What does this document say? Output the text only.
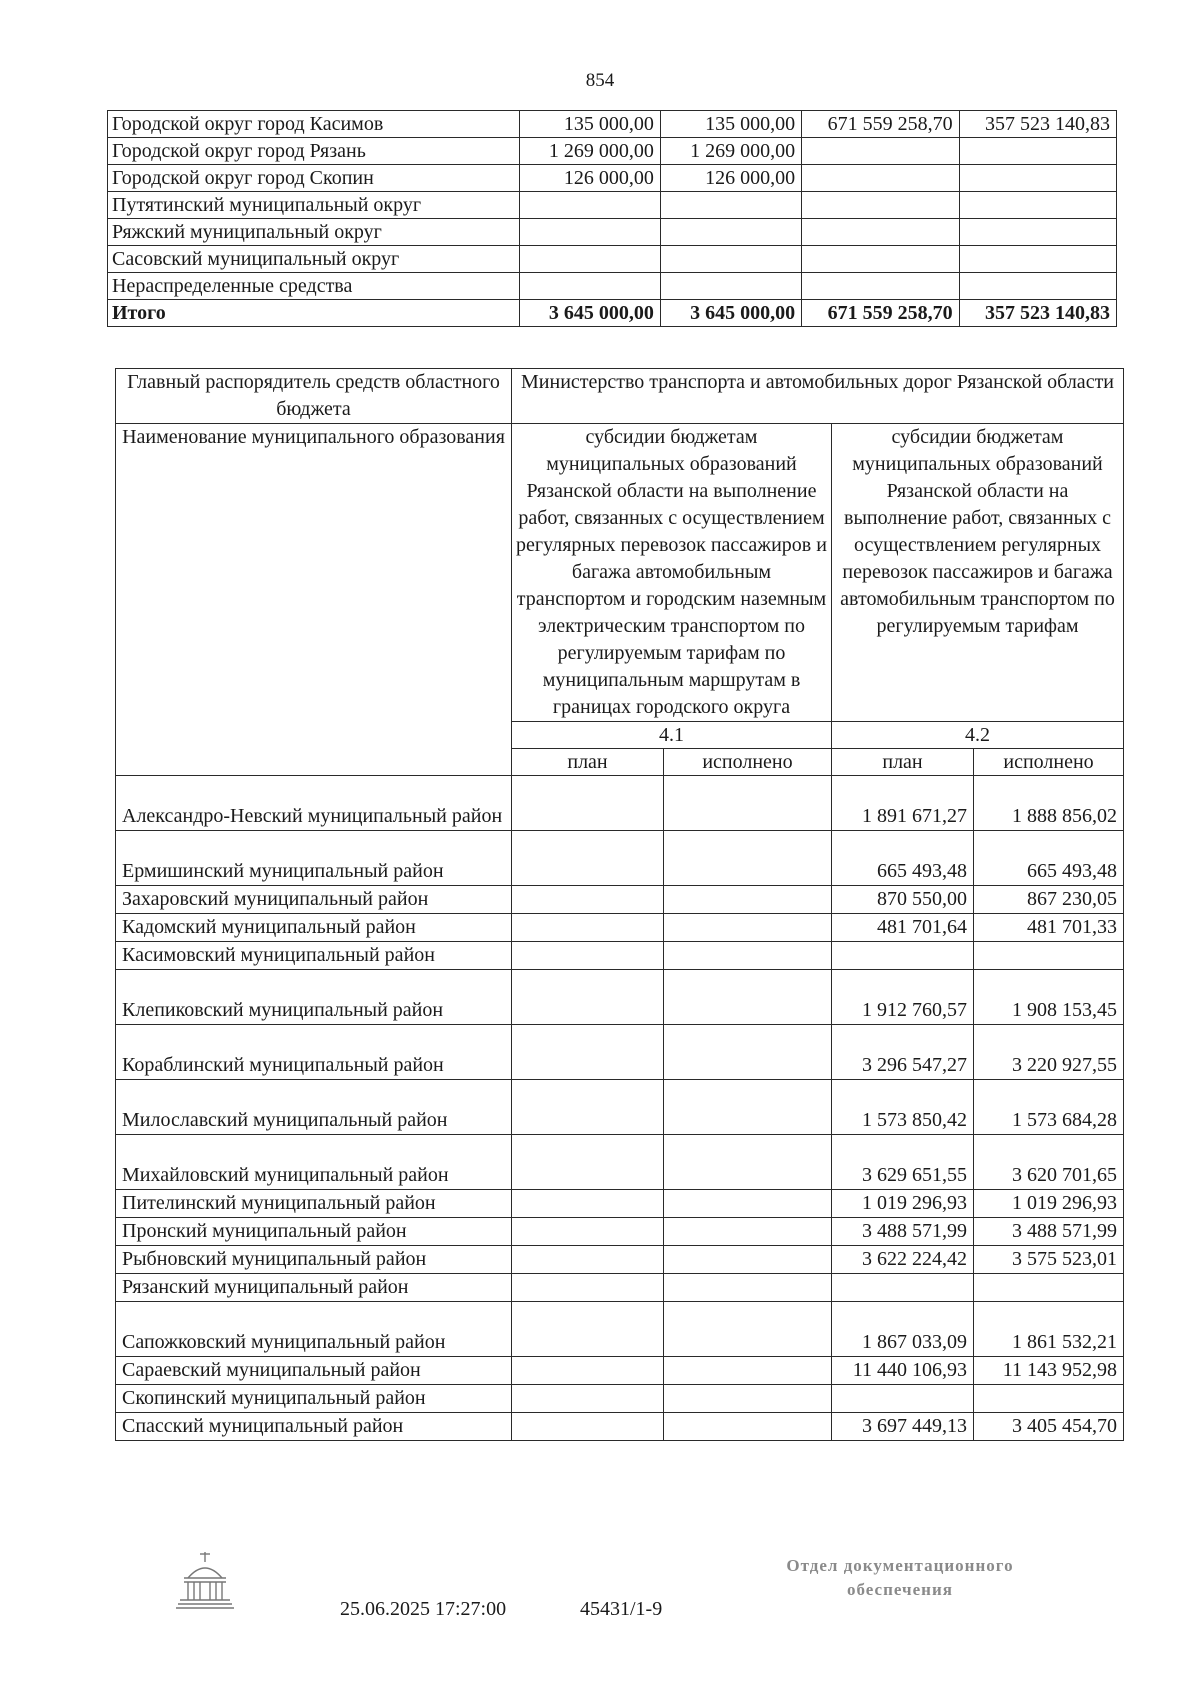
854
Городской округ город Касимов	135 000,00	135 000,00	671 559 258,70	357 523 140,83
Городской округ город Рязань	1 269 000,00	1 269 000,00		
Городской округ город Скопин	126 000,00	126 000,00		
Путятинский муниципальный округ				
Ряжский муниципальный округ				
Сасовский муниципальный округ				
Нераспределенные средства				
Итого	3 645 000,00	3 645 000,00	671 559 258,70	357 523 140,83
Главный распорядитель средств областного бюджета	Министерство транспорта и автомобильных дорог Рязанской области			
Наименование муниципального образования	субсидии бюджетам муниципальных образований Рязанской области на выполнение работ, связанных с осуществлением регулярных перевозок пассажиров и багажа автомобильным транспортом и городским наземным электрическим транспортом по регулируемым тарифам по муниципальным маршрутам в границах городского округа		субсидии бюджетам муниципальных образований Рязанской области на выполнение работ, связанных с осуществлением регулярных перевозок пассажиров и багажа автомобильным транспортом по регулируемым тарифам	
	4.1		4.2	
	план	исполнено	план	исполнено
Александро-Невский муниципальный район			1 891 671,27	1 888 856,02
Ермишинский муниципальный район			665 493,48	665 493,48
Захаровский муниципальный район			870 550,00	867 230,05
Кадомский муниципальный район			481 701,64	481 701,33
Касимовский муниципальный район				
Клепиковский муниципальный район			1 912 760,57	1 908 153,45
Кораблинский муниципальный район			3 296 547,27	3 220 927,55
Милославский муниципальный район			1 573 850,42	1 573 684,28
Михайловский муниципальный район			3 629 651,55	3 620 701,65
Пителинский муниципальный район			1 019 296,93	1 019 296,93
Пронский муниципальный район			3 488 571,99	3 488 571,99
Рыбновский муниципальный район			3 622 224,42	3 575 523,01
Рязанский муниципальный район				
Сапожковский муниципальный район			1 867 033,09	1 861 532,21
Сараевский муниципальный район			11 440 106,93	11 143 952,98
Скопинский муниципальный район				
Спасский муниципальный район			3 697 449,13	3 405 454,70
25.06.2025 17:27:00	45431/1-9
Отдел документационного
обеспечения
